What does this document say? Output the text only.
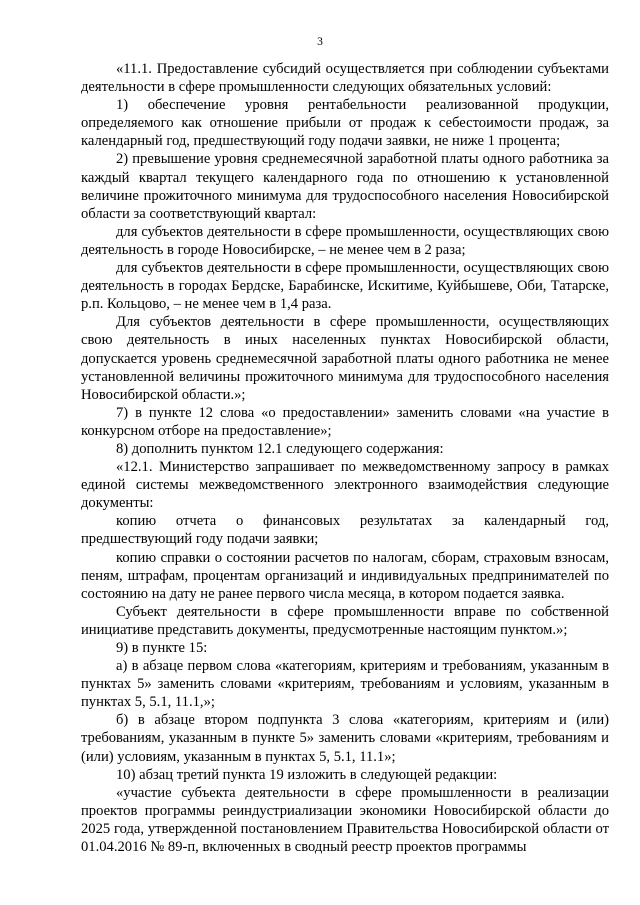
3

«11.1. Предоставление субсидий осуществляется при соблюдении субъектами деятельности в сфере промышленности следующих обязательных условий:

1) обеспечение уровня рентабельности реализованной продукции, определяемого как отношение прибыли от продаж к себестоимости продаж, за календарный год, предшествующий году подачи заявки, не ниже 1 процента;

2) превышение уровня среднемесячной заработной платы одного работника за каждый квартал текущего календарного года по отношению к установленной величине прожиточного минимума для трудоспособного населения Новосибирской области за соответствующий квартал:

для субъектов деятельности в сфере промышленности, осуществляющих свою деятельность в городе Новосибирске, – не менее чем в 2 раза;

для субъектов деятельности в сфере промышленности, осуществляющих свою деятельность в городах Бердске, Барабинске, Искитиме, Куйбышеве, Оби, Татарске, р.п. Кольцово, – не менее чем в 1,4 раза.

Для субъектов деятельности в сфере промышленности, осуществляющих свою деятельность в иных населенных пунктах Новосибирской области, допускается уровень среднемесячной заработной платы одного работника не менее установленной величины прожиточного минимума для трудоспособного населения Новосибирской области.»;

7) в пункте 12 слова «о предоставлении» заменить словами «на участие в конкурсном отборе на предоставление»;

8) дополнить пунктом 12.1 следующего содержания:

«12.1. Министерство запрашивает по межведомственному запросу в рамках единой системы межведомственного электронного взаимодействия следующие документы:

копию отчета о финансовых результатах за календарный год, предшествующий году подачи заявки;

копию справки о состоянии расчетов по налогам, сборам, страховым взносам, пеням, штрафам, процентам организаций и индивидуальных предпринимателей по состоянию на дату не ранее первого числа месяца, в котором подается заявка.

Субъект деятельности в сфере промышленности вправе по собственной инициативе представить документы, предусмотренные настоящим пунктом.»;

9) в пункте 15:

а) в абзаце первом слова «категориям, критериям и требованиям, указанным в пунктах 5» заменить словами «критериям, требованиям и условиям, указанным в пунктах 5, 5.1, 11.1,»;

б) в абзаце втором подпункта 3 слова «категориям, критериям и (или) требованиям, указанным в пункте 5» заменить словами «критериям, требованиям и (или) условиям, указанным в пунктах 5, 5.1, 11.1»;

10) абзац третий пункта 19 изложить в следующей редакции:

«участие субъекта деятельности в сфере промышленности в реализации проектов программы реиндустриализации экономики Новосибирской области до 2025 года, утвержденной постановлением Правительства Новосибирской области от 01.04.2016 № 89-п, включенных в сводный реестр проектов программы
